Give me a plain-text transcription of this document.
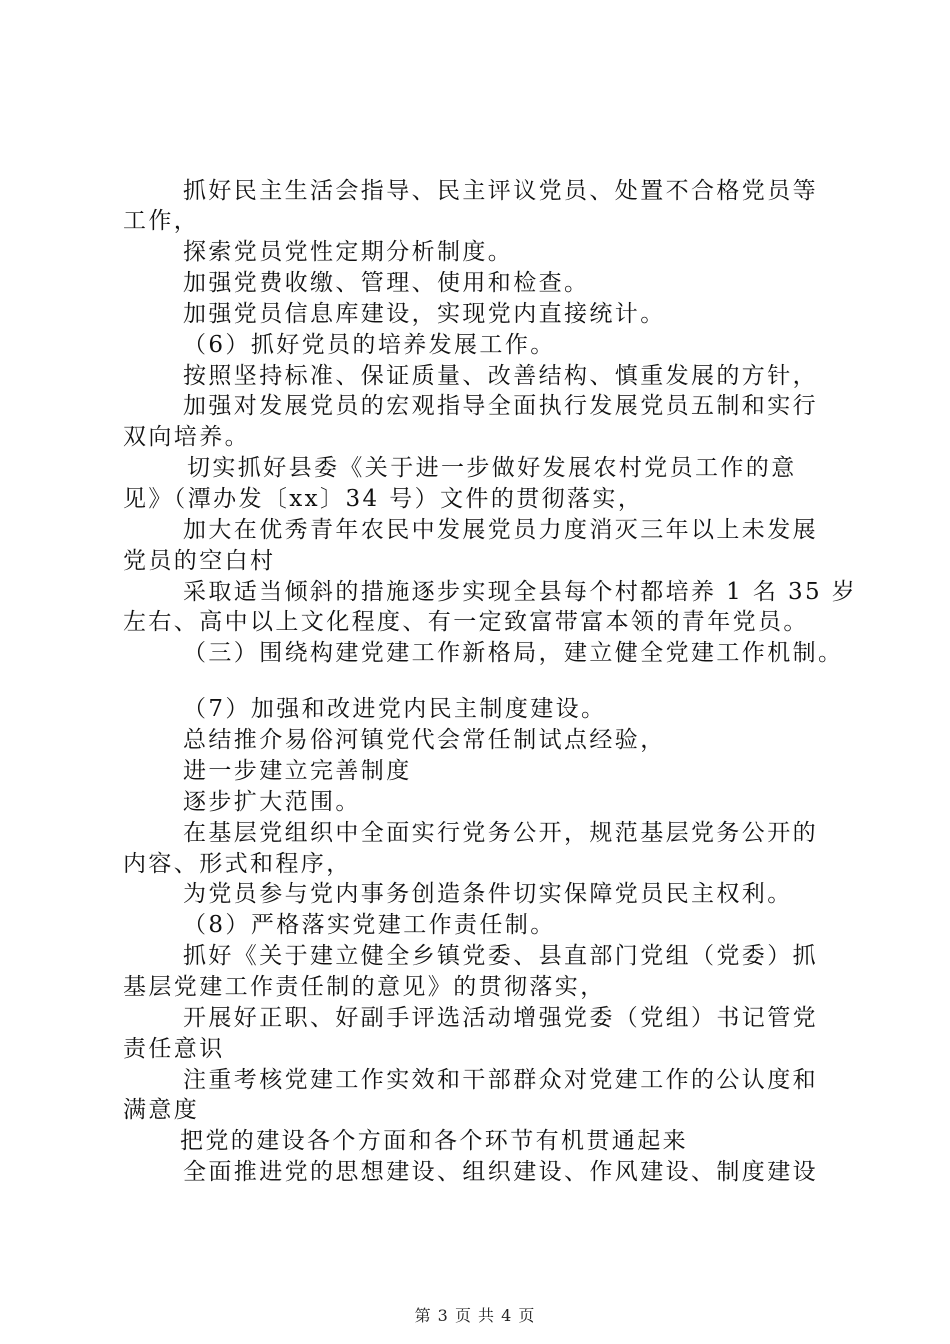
抓好民主生活会指导、民主评议党员、处置不合格党员等
工作，
探索党员党性定期分析制度。
加强党费收缴、管理、使用和检查。
加强党员信息库建设，实现党内直接统计。
（6）抓好党员的培养发展工作。
按照坚持标准、保证质量、改善结构、慎重发展的方针，
加强对发展党员的宏观指导全面执行发展党员五制和实行
双向培养。
切实抓好县委《关于进一步做好发展农村党员工作的意
见》（潭办发〔xx〕34 号）文件的贯彻落实，
加大在优秀青年农民中发展党员力度消灭三年以上未发展
党员的空白村
采取适当倾斜的措施逐步实现全县每个村都培养 1 名 35 岁
左右、高中以上文化程度、有一定致富带富本领的青年党员。
（三）围绕构建党建工作新格局，建立健全党建工作机制。
（7）加强和改进党内民主制度建设。
总结推介易俗河镇党代会常任制试点经验，
进一步建立完善制度
逐步扩大范围。
在基层党组织中全面实行党务公开，规范基层党务公开的
内容、形式和程序，
为党员参与党内事务创造条件切实保障党员民主权利。
（8）严格落实党建工作责任制。
抓好《关于建立健全乡镇党委、县直部门党组（党委）抓
基层党建工作责任制的意见》的贯彻落实，
开展好正职、好副手评选活动增强党委（党组）书记管党
责任意识
注重考核党建工作实效和干部群众对党建工作的公认度和
满意度
把党的建设各个方面和各个环节有机贯通起来
全面推进党的思想建设、组织建设、作风建设、制度建设
第 3 页 共 4 页
